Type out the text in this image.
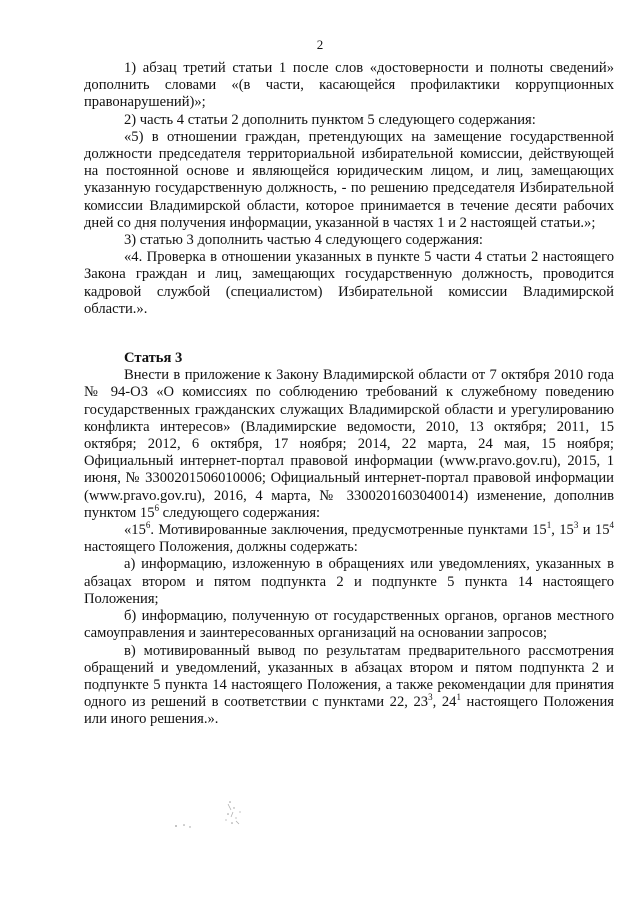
2

1) абзац третий статьи 1 после слов «достоверности и полноты сведений» дополнить словами «(в части, касающейся профилактики коррупционных правонарушений)»;

2) часть 4 статьи 2 дополнить пунктом 5 следующего содержания:

«5) в отношении граждан, претендующих на замещение государственной должности председателя территориальной избирательной комиссии, действующей на постоянной основе и являющейся юридическим лицом, и лиц, замещающих указанную государственную должность, - по решению председателя Избирательной комиссии Владимирской области, которое принимается в течение десяти рабочих дней со дня получения информации, указанной в частях 1 и 2 настоящей статьи.»;

3) статью 3 дополнить частью 4 следующего содержания:

«4. Проверка в отношении указанных в пункте 5 части 4 статьи 2 настоящего Закона граждан и лиц, замещающих государственную должность, проводится кадровой службой (специалистом) Избирательной комиссии Владимирской области.».

Статья 3

Внести в приложение к Закону Владимирской области от 7 октября 2010 года № 94-ОЗ «О комиссиях по соблюдению требований к служебному поведению государственных гражданских служащих Владимирской области и урегулированию конфликта интересов» (Владимирские ведомости, 2010, 13 октября; 2011, 15 октября; 2012, 6 октября, 17 ноября; 2014, 22 марта, 24 мая, 15 ноября; Официальный интернет-портал правовой информации (www.pravo.gov.ru), 2015, 1 июня, № 3300201506010006; Официальный интернет-портал правовой информации (www.pravo.gov.ru), 2016, 4 марта, № 3300201603040014) изменение, дополнив пунктом $15^6$ следующего содержания:

«$15^6$. Мотивированные заключения, предусмотренные пунктами $15^1$, $15^3$ и $15^4$ настоящего Положения, должны содержать:

а) информацию, изложенную в обращениях или уведомлениях, указанных в абзацах втором и пятом подпункта 2 и подпункте 5 пункта 14 настоящего Положения;

б) информацию, полученную от государственных органов, органов местного самоуправления и заинтересованных организаций на основании запросов;

в) мотивированный вывод по результатам предварительного рассмотрения обращений и уведомлений, указанных в абзацах втором и пятом подпункта 2 и подпункте 5 пункта 14 настоящего Положения, а также рекомендации для принятия одного из решений в соответствии с пунктами 22, $23^3$, $24^1$ настоящего Положения или иного решения.».
